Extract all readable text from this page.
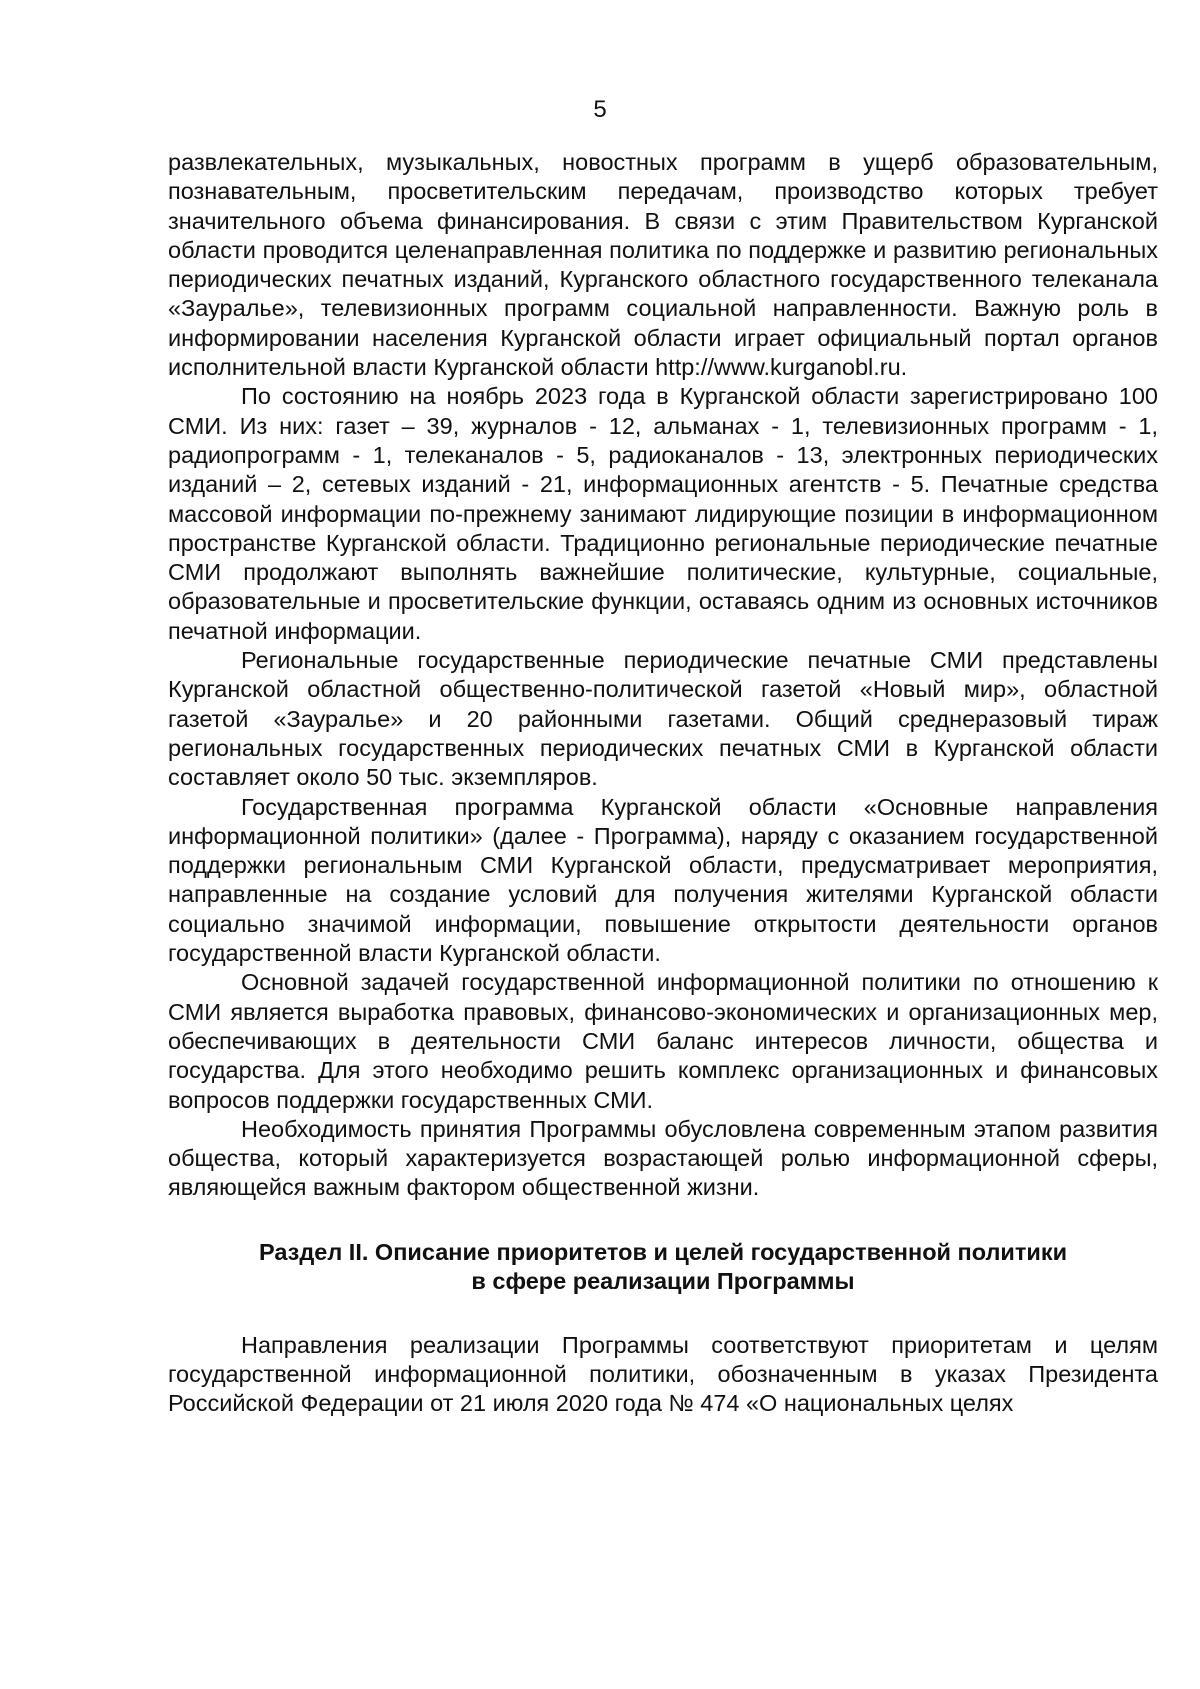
5

развлекательных, музыкальных, новостных программ в ущерб образовательным, познавательным, просветительским передачам, производство которых требует значительного объема финансирования. В связи с этим Правительством Курганской области проводится целенаправленная политика по поддержке и развитию региональных периодических печатных изданий, Курганского областного государственного телеканала «Зауралье», телевизионных программ социальной направленности. Важную роль в информировании населения Курганской области играет официальный портал органов исполнительной власти Курганской области http://www.kurganobl.ru.

По состоянию на ноябрь 2023 года в Курганской области зарегистрировано 100 СМИ. Из них: газет – 39, журналов - 12, альманах - 1, телевизионных программ - 1, радиопрограмм - 1, телеканалов - 5, радиоканалов - 13, электронных периодических изданий – 2, сетевых изданий - 21, информационных агентств - 5. Печатные средства массовой информации по-прежнему занимают лидирующие позиции в информационном пространстве Курганской области. Традиционно региональные периодические печатные СМИ продолжают выполнять важнейшие политические, культурные, социальные, образовательные и просветительские функции, оставаясь одним из основных источников печатной информации.

Региональные государственные периодические печатные СМИ представлены Курганской областной общественно-политической газетой «Новый мир», областной газетой «Зауралье» и 20 районными газетами. Общий среднеразовый тираж региональных государственных периодических печатных СМИ в Курганской области составляет около 50 тыс. экземпляров.

Государственная программа Курганской области «Основные направления информационной политики» (далее - Программа), наряду с оказанием государственной поддержки региональным СМИ Курганской области, предусматривает мероприятия, направленные на создание условий для получения жителями Курганской области социально значимой информации, повышение открытости деятельности органов государственной власти Курганской области.

Основной задачей государственной информационной политики по отношению к СМИ является выработка правовых, финансово-экономических и организационных мер, обеспечивающих в деятельности СМИ баланс интересов личности, общества и государства. Для этого необходимо решить комплекс организационных и финансовых вопросов поддержки государственных СМИ.

Необходимость принятия Программы обусловлена современным этапом развития общества, который характеризуется возрастающей ролью информационной сферы, являющейся важным фактором общественной жизни.

Раздел II. Описание приоритетов и целей государственной политики
в сфере реализации Программы

Направления реализации Программы соответствуют приоритетам и целям государственной информационной политики, обозначенным в указах Президента Российской Федерации от 21 июля 2020 года № 474 «О национальных целях
